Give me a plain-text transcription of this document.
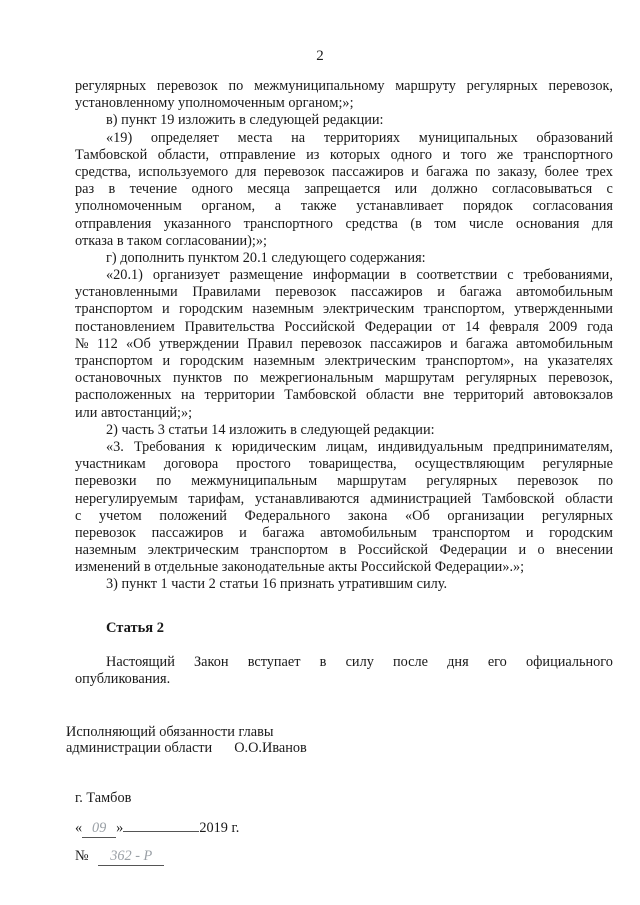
2
регулярных перевозок по межмуниципальному маршруту регулярных перевозок,
установленному уполномоченным органом;»;
в) пункт 19 изложить в следующей редакции:
«19) определяет места на территориях муниципальных образований
Тамбовской области, отправление из которых одного и того же транспортного
средства, используемого для перевозок пассажиров и багажа по заказу, более трех
раз в течение одного месяца запрещается или должно согласовываться с
уполномоченным органом, а также устанавливает порядок согласования
отправления указанного транспортного средства (в том числе основания для
отказа в таком согласовании);»;
г) дополнить пунктом 20.1 следующего содержания:
«20.1) организует размещение информации в соответствии с требованиями,
установленными Правилами перевозок пассажиров и багажа автомобильным
транспортом и городским наземным электрическим транспортом, утвержденными
постановлением Правительства Российской Федерации от 14 февраля 2009 года
№ 112 «Об утверждении Правил перевозок пассажиров и багажа автомобильным
транспортом и городским наземным электрическим транспортом», на указателях
остановочных пунктов по межрегиональным маршрутам регулярных перевозок,
расположенных на территории Тамбовской области вне территорий автовокзалов
или автостанций;»;
2) часть 3 статьи 14 изложить в следующей редакции:
«3. Требования к юридическим лицам, индивидуальным предпринимателям,
участникам договора простого товарищества, осуществляющим регулярные
перевозки по межмуниципальным маршрутам регулярных перевозок по
нерегулируемым тарифам, устанавливаются администрацией Тамбовской области
с учетом положений Федерального закона «Об организации регулярных
перевозок пассажиров и багажа автомобильным транспортом и городским
наземным электрическим транспортом в Российской Федерации и о внесении
изменений в отдельные законодательные акты Российской Федерации».»;
3) пункт 1 части 2 статьи 16 признать утратившим силу.
Статья 2
Настоящий Закон вступает в силу после дня его официального
опубликования.
Исполняющий обязанности главы
администрации области О.О.Иванов
г. Тамбов
« 09 »	2019 г.
№ 362 - Р
